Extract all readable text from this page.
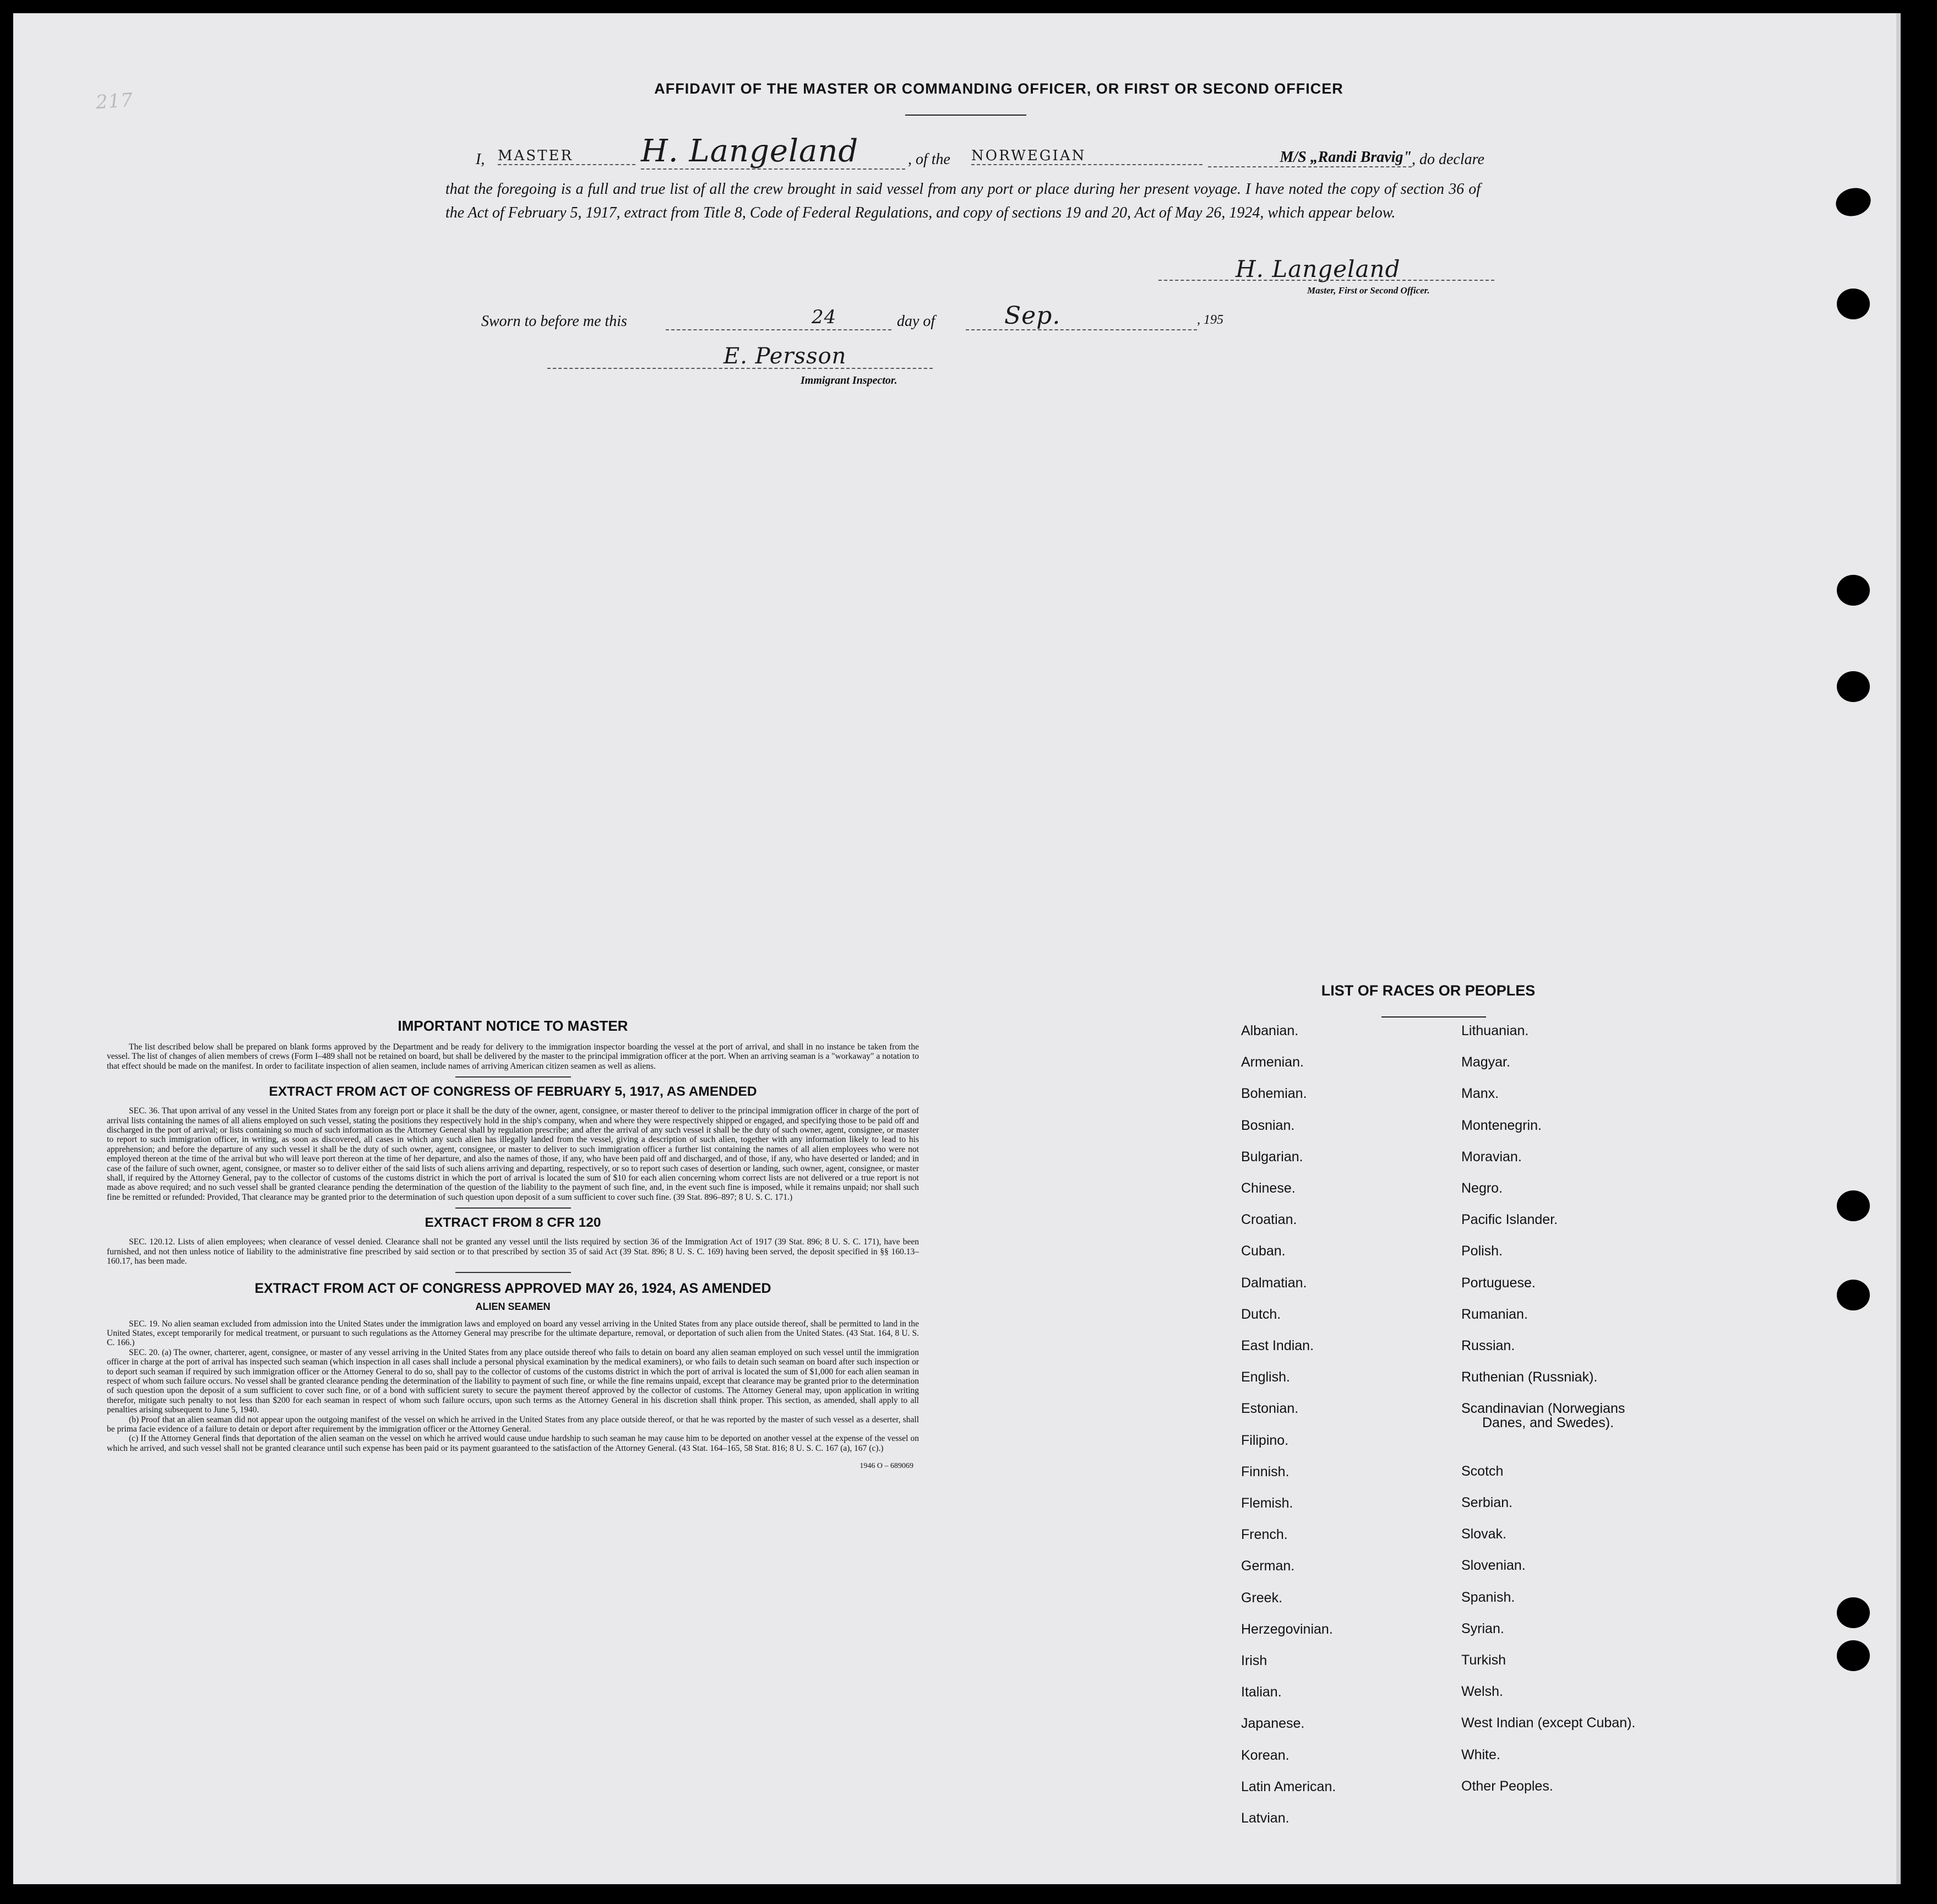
217
AFFIDAVIT OF THE MASTER OR COMMANDING OFFICER, OR FIRST OR SECOND OFFICER
I, MASTER	H. Langeland	, of the NORWEGIAN	M/S „Randi Bravig" , do declare
that the foregoing is a full and true list of all the crew brought in said vessel from any port or place during her present voyage. I have noted the copy of section 36 of the Act of February 5, 1917, extract from Title 8, Code of Federal Regulations, and copy of sections 19 and 20, Act of May 26, 1924, which appear below.
H. Langeland
Master, First or Second Officer.
Sworn to before me this	24	day of	Sep.	, 195
E. Persson
Immigrant Inspector.
IMPORTANT NOTICE TO MASTER
The list described below shall be prepared on blank forms approved by the Department and be ready for delivery to the immigration inspector boarding the vessel at the port of arrival, and shall in no instance be taken from the vessel. The list of changes of alien members of crews (Form I–489 shall not be retained on board, but shall be delivered by the master to the principal immigration officer at the port. When an arriving seaman is a "workaway" a notation to that effect should be made on the manifest. In order to facilitate inspection of alien seamen, include names of arriving American citizen seamen as well as aliens.
EXTRACT FROM ACT OF CONGRESS OF FEBRUARY 5, 1917, AS AMENDED
SEC. 36. That upon arrival of any vessel in the United States from any foreign port or place it shall be the duty of the owner, agent, consignee, or master thereof to deliver to the principal immigration officer in charge of the port of arrival lists containing the names of all aliens employed on such vessel, stating the positions they respectively hold in the ship's company, when and where they were respectively shipped or engaged, and specifying those to be paid off and discharged in the port of arrival; or lists containing so much of such information as the Attorney General shall by regulation prescribe; and after the arrival of any such vessel it shall be the duty of such owner, agent, consignee, or master to report to such immigration officer, in writing, as soon as discovered, all cases in which any such alien has illegally landed from the vessel, giving a description of such alien, together with any information likely to lead to his apprehension; and before the departure of any such vessel it shall be the duty of such owner, agent, consignee, or master to deliver to such immigration officer a further list containing the names of all alien employees who were not employed thereon at the time of the arrival but who will leave port thereon at the time of her departure, and also the names of those, if any, who have been paid off and discharged, and of those, if any, who have deserted or landed; and in case of the failure of such owner, agent, consignee, or master so to deliver either of the said lists of such aliens arriving and departing, respectively, or so to report such cases of desertion or landing, such owner, agent, consignee, or master shall, if required by the Attorney General, pay to the collector of customs of the customs district in which the port of arrival is located the sum of $10 for each alien concerning whom correct lists are not delivered or a true report is not made as above required; and no such vessel shall be granted clearance pending the determination of the question of the liability to the payment of such fine, and, in the event such fine is imposed, while it remains unpaid; nor shall such fine be remitted or refunded: Provided, That clearance may be granted prior to the determination of such question upon deposit of a sum sufficient to cover such fine. (39 Stat. 896–897; 8 U. S. C. 171.)
EXTRACT FROM 8 CFR 120
SEC. 120.12. Lists of alien employees; when clearance of vessel denied. Clearance shall not be granted any vessel until the lists required by section 36 of the Immigration Act of 1917 (39 Stat. 896; 8 U. S. C. 171), have been furnished, and not then unless notice of liability to the administrative fine prescribed by said section or to that prescribed by section 35 of said Act (39 Stat. 896; 8 U. S. C. 169) having been served, the deposit specified in §§ 160.13–160.17, has been made.
EXTRACT FROM ACT OF CONGRESS APPROVED MAY 26, 1924, AS AMENDED
ALIEN SEAMEN
SEC. 19. No alien seaman excluded from admission into the United States under the immigration laws and employed on board any vessel arriving in the United States from any place outside thereof, shall be permitted to land in the United States, except temporarily for medical treatment, or pursuant to such regulations as the Attorney General may prescribe for the ultimate departure, removal, or deportation of such alien from the United States. (43 Stat. 164, 8 U. S. C. 166.)
SEC. 20. (a) The owner, charterer, agent, consignee, or master of any vessel arriving in the United States from any place outside thereof who fails to detain on board any alien seaman employed on such vessel until the immigration officer in charge at the port of arrival has inspected such seaman (which inspection in all cases shall include a personal physical examination by the medical examiners), or who fails to detain such seaman on board after such inspection or to deport such seaman if required by such immigration officer or the Attorney General to do so, shall pay to the collector of customs of the customs district in which the port of arrival is located the sum of $1,000 for each alien seaman in respect of whom such failure occurs. No vessel shall be granted clearance pending the determination of the liability to payment of such fine, or while the fine remains unpaid, except that clearance may be granted prior to the determination of such question upon the deposit of a sum sufficient to cover such fine, or of a bond with sufficient surety to secure the payment thereof approved by the collector of customs. The Attorney General may, upon application in writing therefor, mitigate such penalty to not less than $200 for each seaman in respect of whom such failure occurs, upon such terms as the Attorney General in his discretion shall think proper. This section, as amended, shall apply to all penalties arising subsequent to June 5, 1940.
(b) Proof that an alien seaman did not appear upon the outgoing manifest of the vessel on which he arrived in the United States from any place outside thereof, or that he was reported by the master of such vessel as a deserter, shall be prima facie evidence of a failure to detain or deport after requirement by the immigration officer or the Attorney General.
(c) If the Attorney General finds that deportation of the alien seaman on the vessel on which he arrived would cause undue hardship to such seaman he may cause him to be deported on another vessel at the expense of the vessel on which he arrived, and such vessel shall not be granted clearance until such expense has been paid or its payment guaranteed to the satisfaction of the Attorney General. (43 Stat. 164–165, 58 Stat. 816; 8 U. S. C. 167 (a), 167 (c).)
1946 O – 689069
LIST OF RACES OR PEOPLES
Albanian.
Armenian.
Bohemian.
Bosnian.
Bulgarian.
Chinese.
Croatian.
Cuban.
Dalmatian.
Dutch.
East Indian.
English.
Estonian.
Filipino.
Finnish.
Flemish.
French.
German.
Greek.
Herzegovinian.
Irish
Italian.
Japanese.
Korean.
Latin American.
Latvian.
Lithuanian.
Magyar.
Manx.
Montenegrin.
Moravian.
Negro.
Pacific Islander.
Polish.
Portuguese.
Rumanian.
Russian.
Ruthenian (Russniak).
Scandinavian (Norwegians
Danes, and Swedes).
Scotch
Serbian.
Slovak.
Slovenian.
Spanish.
Syrian.
Turkish
Welsh.
West Indian (except Cuban).
White.
Other Peoples.
